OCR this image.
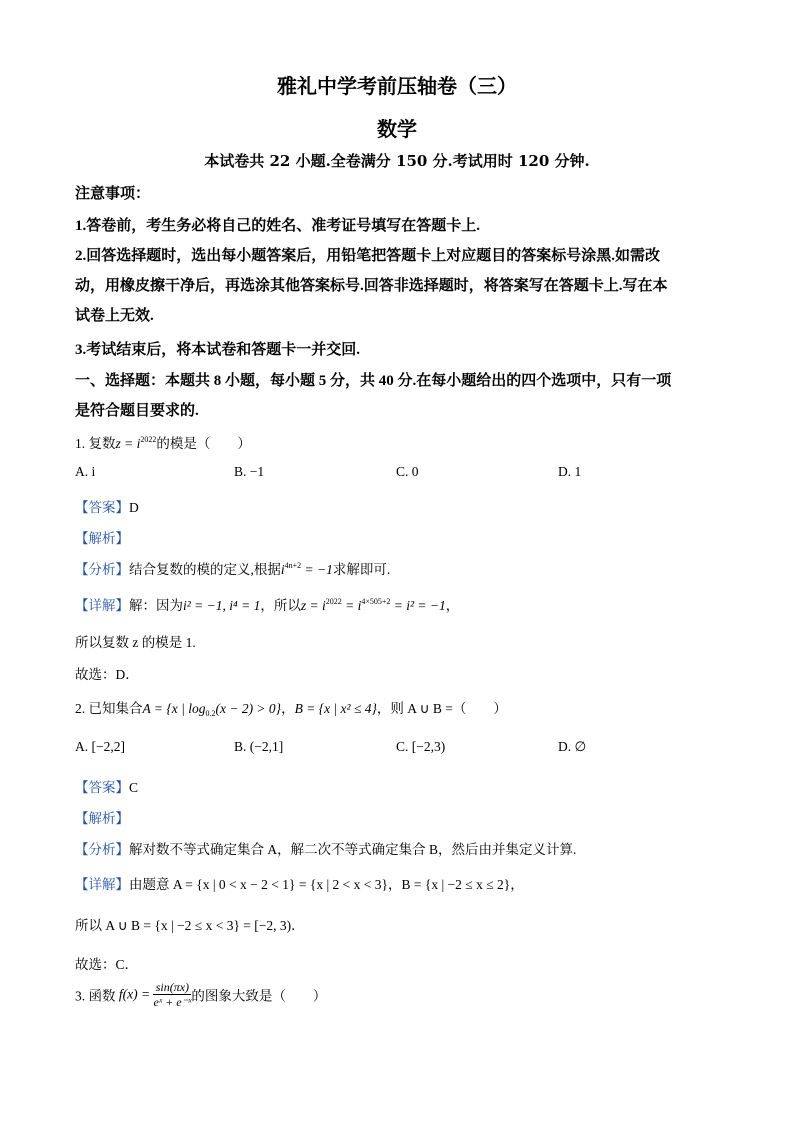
雅礼中学考前压轴卷（三）
数学
本试卷共 22 小题.全卷满分 150 分.考试用时 120 分钟.
注意事项：
1.答卷前，考生务必将自己的姓名、准考证号填写在答题卡上.
2.回答选择题时，选出每小题答案后，用铅笔把答题卡上对应题目的答案标号涂黑.如需改
动，用橡皮擦干净后，再选涂其他答案标号.回答非选择题时，将答案写在答题卡上.写在本
试卷上无效.
3.考试结束后，将本试卷和答题卡一并交回.
一、选择题：本题共 8 小题，每小题 5 分，共 40 分.在每小题给出的四个选项中，只有一项
是符合题目要求的.
1. 复数$z = i^{2022}$的模是（　　）
A. i	B. −1	C. 0	D. 1
【答案】D
【解析】
【分析】结合复数的模的定义,根据$i^{4n+2} = -1$求解即可.
【详解】解：因为i² = −1, i⁴ = 1，所以$z = i^{2022} = i^{4\times 505+2} = i^2 = -1$，
所以复数 z 的模是 1.
故选：D．
2. 已知集合A = {x | $\log_{0.2}(x - 2) > 0$}，B = {x | x² ≤ 4}，则 A ∪ B =（　　）
A. [−2,2]	B. (−2,1]	C. [−2,3)	D. ∅
【答案】C
【解析】
【分析】解对数不等式确定集合 A，解二次不等式确定集合 B，然后由并集定义计算.
【详解】由题意 A = {x | 0 < x − 2 < 1} = {x | 2 < x < 3}，B = {x | −2 ≤ x ≤ 2}，
所以 A ∪ B = {x | −2 ≤ x < 3} = [−2, 3)．
故选：C．
3. 函数 $f(x) = \frac{\sin(\pi x)}{\text{eˣ + e⁻ˣ}}$ 的图象大致是（　　）
